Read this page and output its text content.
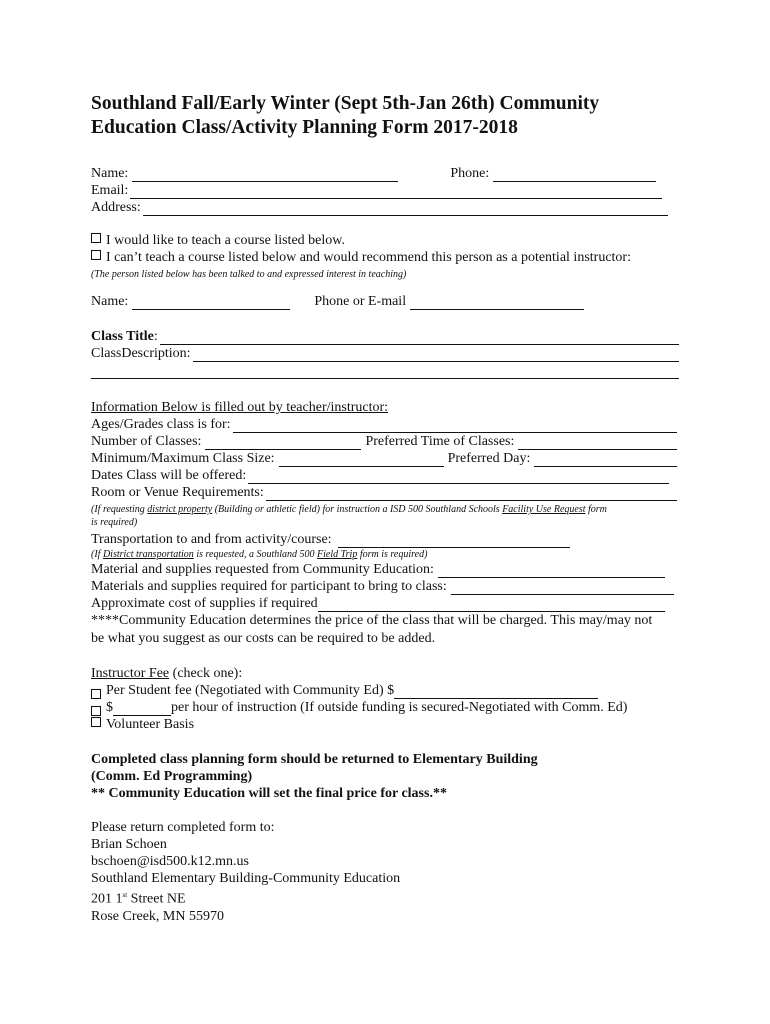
Southland Fall/Early Winter (Sept 5th-Jan 26th) Community
Education Class/Activity Planning Form 2017-2018
Name:	Phone:
Email:
Address:
I would like to teach a course listed below.
I can’t teach a course listed below and would recommend this person as a potential instructor:
(The person listed below has been talked to and expressed interest in teaching)
Name:	Phone or E-mail
Class Title :
ClassDescription:
Information Below is filled out by teacher/instructor:
Ages/Grades class is for:
Number of Classes:	Preferred Time of Classes:
Minimum/Maximum Class Size:	Preferred Day:
Dates Class will be offered:
Room or Venue Requirements:
(If requesting district property (Building or athletic field) for instruction a ISD 500 Southland Schools Facility Use Request form
is required)
Transportation to and from activity/course:
(If District transportation is requested, a Southland 500 Field Trip form is required)
Material and supplies requested from Community Education:
Materials and supplies required for participant to bring to class:
Approximate cost of supplies if required
****Community Education determines the price of the class that will be charged. This may/may not
be what you suggest as our costs can be required to be added.
Instructor Fee (check one):
Per Student fee (Negotiated with Community Ed) $
$	per hour of instruction (If outside funding is secured-Negotiated with Comm. Ed)
Volunteer Basis
Completed class planning form should be returned to Elementary Building
(Comm. Ed Programming)
** Community Education will set the final price for class.**
Please return completed form to:
Brian Schoen
bschoen@isd500.k12.mn.us
Southland Elementary Building-Community Education
201 1st Street NE
Rose Creek, MN 55970
